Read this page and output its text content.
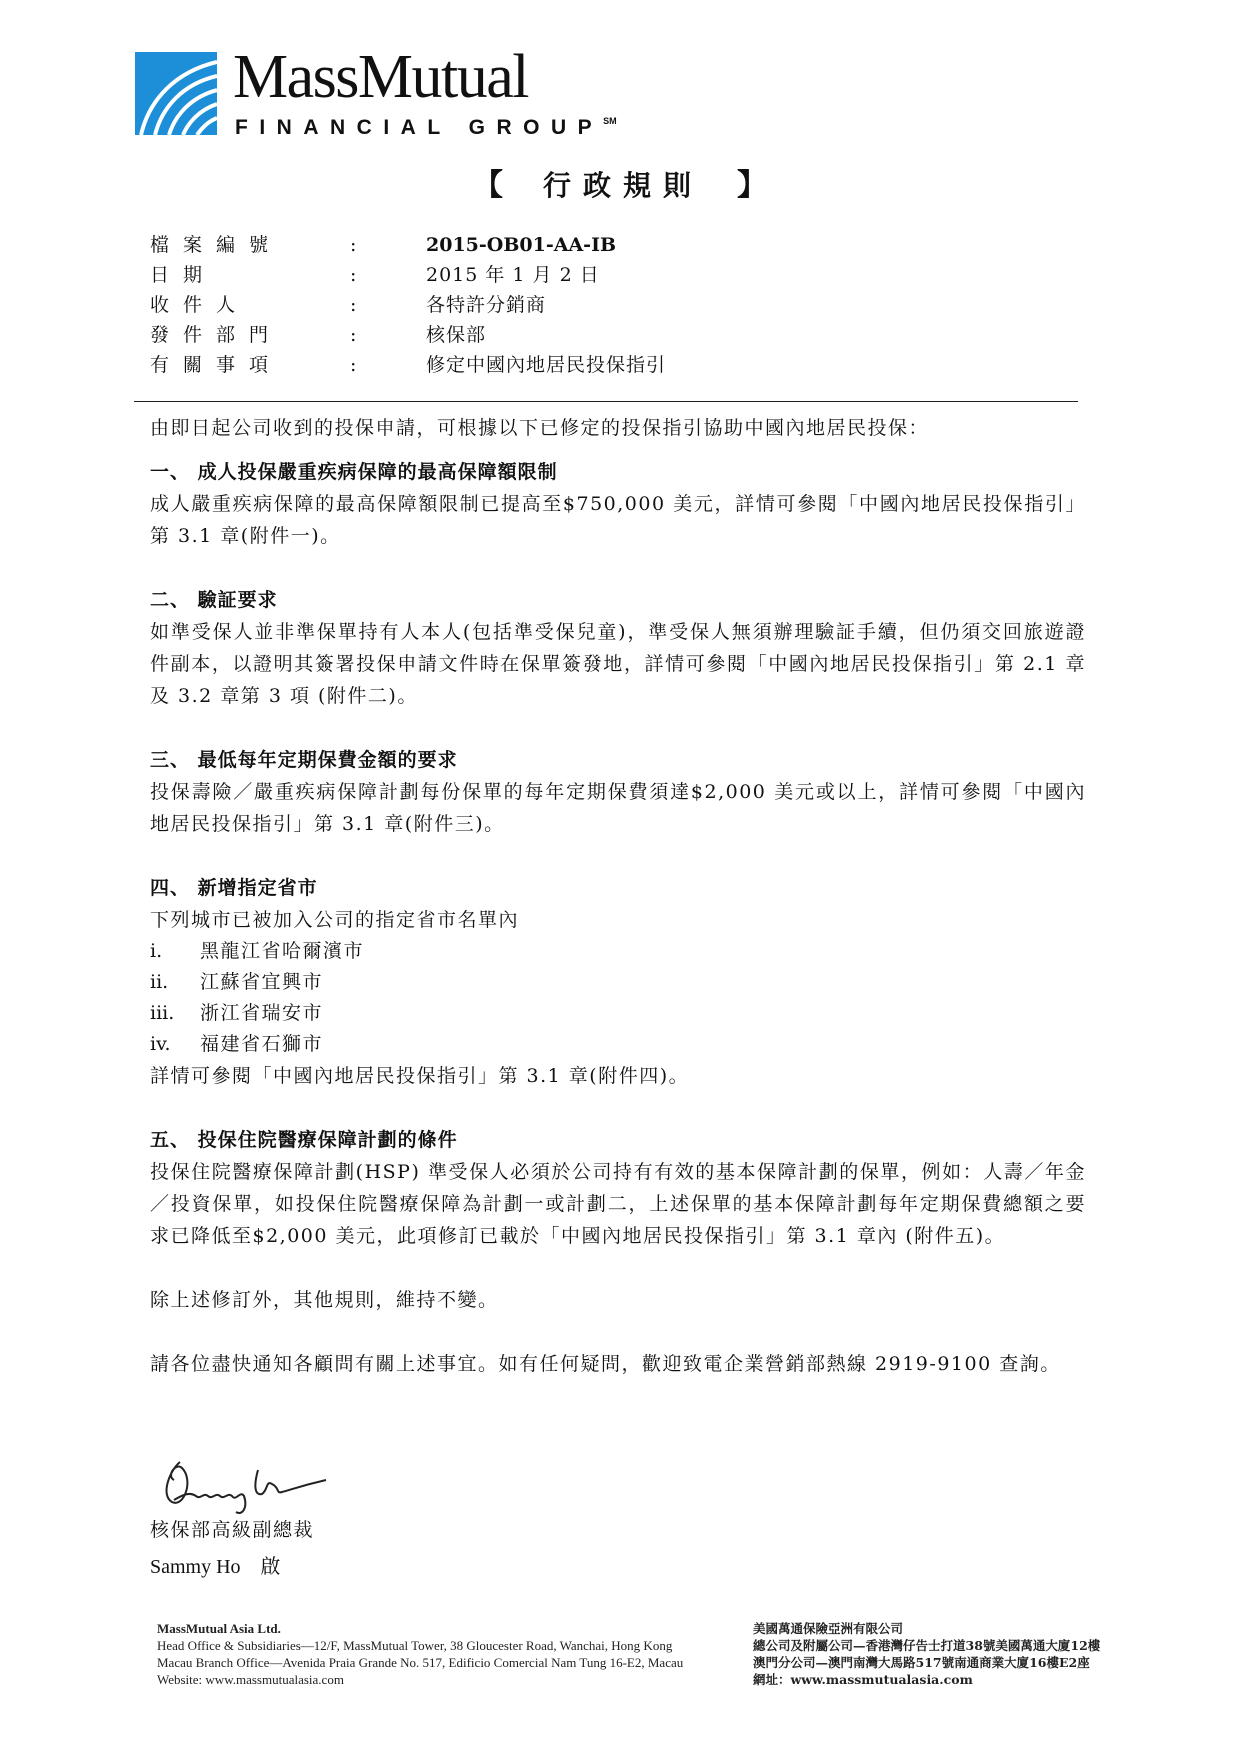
MassMutual
FINANCIAL GROUP℠
【 行政規則 】
檔案編號	:	2015-OB01-AA-IB
日期	:	2015 年 1 月 2 日
收件人	:	各特許分銷商
發件部門	:	核保部
有關事項	:	修定中國內地居民投保指引

由即日起公司收到的投保申請，可根據以下已修定的投保指引協助中國內地居民投保：

一、 成人投保嚴重疾病保障的最高保障額限制

成人嚴重疾病保障的最高保障額限制已提高至$750,000 美元，詳情可參閱「中國內地居民投保指引」第 3.1 章(附件一)。

二、 驗証要求

如準受保人並非準保單持有人本人(包括準受保兒童)，準受保人無須辦理驗証手續，但仍須交回旅遊證件副本，以證明其簽署投保申請文件時在保單簽發地，詳情可參閱「中國內地居民投保指引」第 2.1 章及 3.2 章第 3 項 (附件二)。

三、 最低每年定期保費金額的要求

投保壽險／嚴重疾病保障計劃每份保單的每年定期保費須達$2,000 美元或以上，詳情可參閱「中國內地居民投保指引」第 3.1 章(附件三)。

四、 新增指定省市

下列城市已被加入公司的指定省市名單內

i. 黑龍江省哈爾濱市

ii. 江蘇省宜興市

iii. 浙江省瑞安市

iv. 福建省石獅市

詳情可參閱「中國內地居民投保指引」第 3.1 章(附件四)。

五、 投保住院醫療保障計劃的條件

投保住院醫療保障計劃(HSP) 準受保人必須於公司持有有效的基本保障計劃的保單，例如：人壽／年金／投資保單，如投保住院醫療保障為計劃一或計劃二，上述保單的基本保障計劃每年定期保費總額之要求已降低至$2,000 美元，此項修訂已載於「中國內地居民投保指引」第 3.1 章內 (附件五)。

除上述修訂外，其他規則，維持不變。

請各位盡快通知各顧問有關上述事宜。如有任何疑問，歡迎致電企業營銷部熱線 2919-9100 查詢。

核保部高級副總裁
Sammy Ho　啟
MassMutual Asia Ltd.
Head Office & Subsidiaries—12/F, MassMutual Tower, 38 Gloucester Road, Wanchai, Hong Kong
Macau Branch Office—Avenida Praia Grande No. 517, Edificio Comercial Nam Tung 16-E2, Macau
Website: www.massmutualasia.com
美國萬通保險亞洲有限公司
總公司及附屬公司—香港灣仔告士打道38號美國萬通大廈12樓
澳門分公司—澳門南灣大馬路517號南通商業大廈16樓E2座
網址：www.massmutualasia.com
